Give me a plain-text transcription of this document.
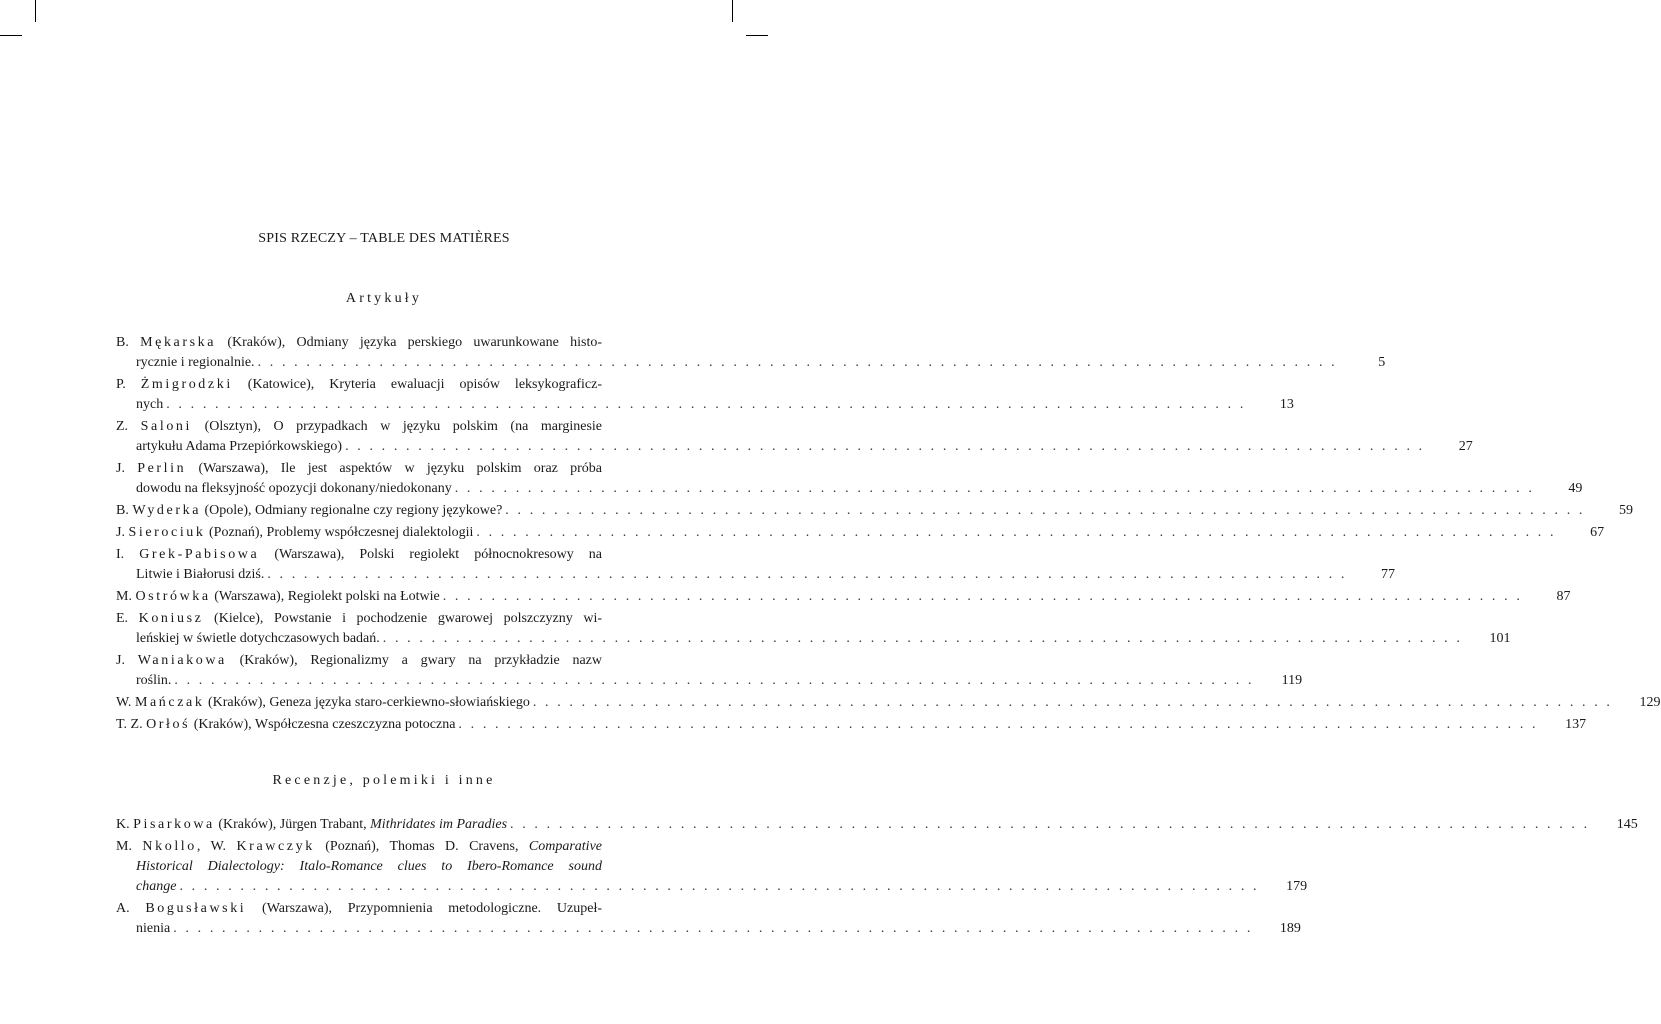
SPIS RZECZY – TABLE DES MATIÈRES
Artykuły
B. Mękarska (Kraków), Odmiany języka perskiego uwarunkowane histo-
rycznie i regionalnie. . . .	5
P. Żmigrodzki (Katowice), Kryteria ewaluacji opisów leksykograficz-
nych . . .	13
Z. Saloni (Olsztyn), O przypadkach w języku polskim (na marginesie
artykułu Adama Przepiórkowskiego) . . .	27
J. Perlin (Warszawa), Ile jest aspektów w języku polskim oraz próba
dowodu na fleksyjność opozycji dokonany/niedokonany . . .	49
B. Wyderka (Opole), Odmiany regionalne czy regiony językowe? . . .	59
J. Sierociuk (Poznań), Problemy współczesnej dialektologii . . .	67
I. Grek-Pabisowa (Warszawa), Polski regiolekt północnokresowy na
Litwie i Białorusi dziś. . . .	77
M. Ostrówka (Warszawa), Regiolekt polski na Łotwie . . .	87
E. Koniusz (Kielce), Powstanie i pochodzenie gwarowej polszczyzny wi-
leńskiej w świetle dotychczasowych badań. . . .	101
J. Waniakowa (Kraków), Regionalizmy a gwary na przykładzie nazw
roślin. . . .	119
W. Mańczak (Kraków), Geneza języka staro-cerkiewno-słowiańskiego . . .	129
T. Z. Orłoś (Kraków), Współczesna czeszczyzna potoczna . . .	137
Recenzje, polemiki i inne
K. Pisarkowa (Kraków), Jürgen Trabant, Mithridates im Paradies . . .	145
M. Nkollo, W. Krawczyk (Poznań), Thomas D. Cravens, Comparative
Historical Dialectology: Italo-Romance clues to Ibero-Romance sound
change . . .	179
A. Bogusławski (Warszawa), Przypomnienia metodologiczne. Uzupeł-
nienia . . .	189
